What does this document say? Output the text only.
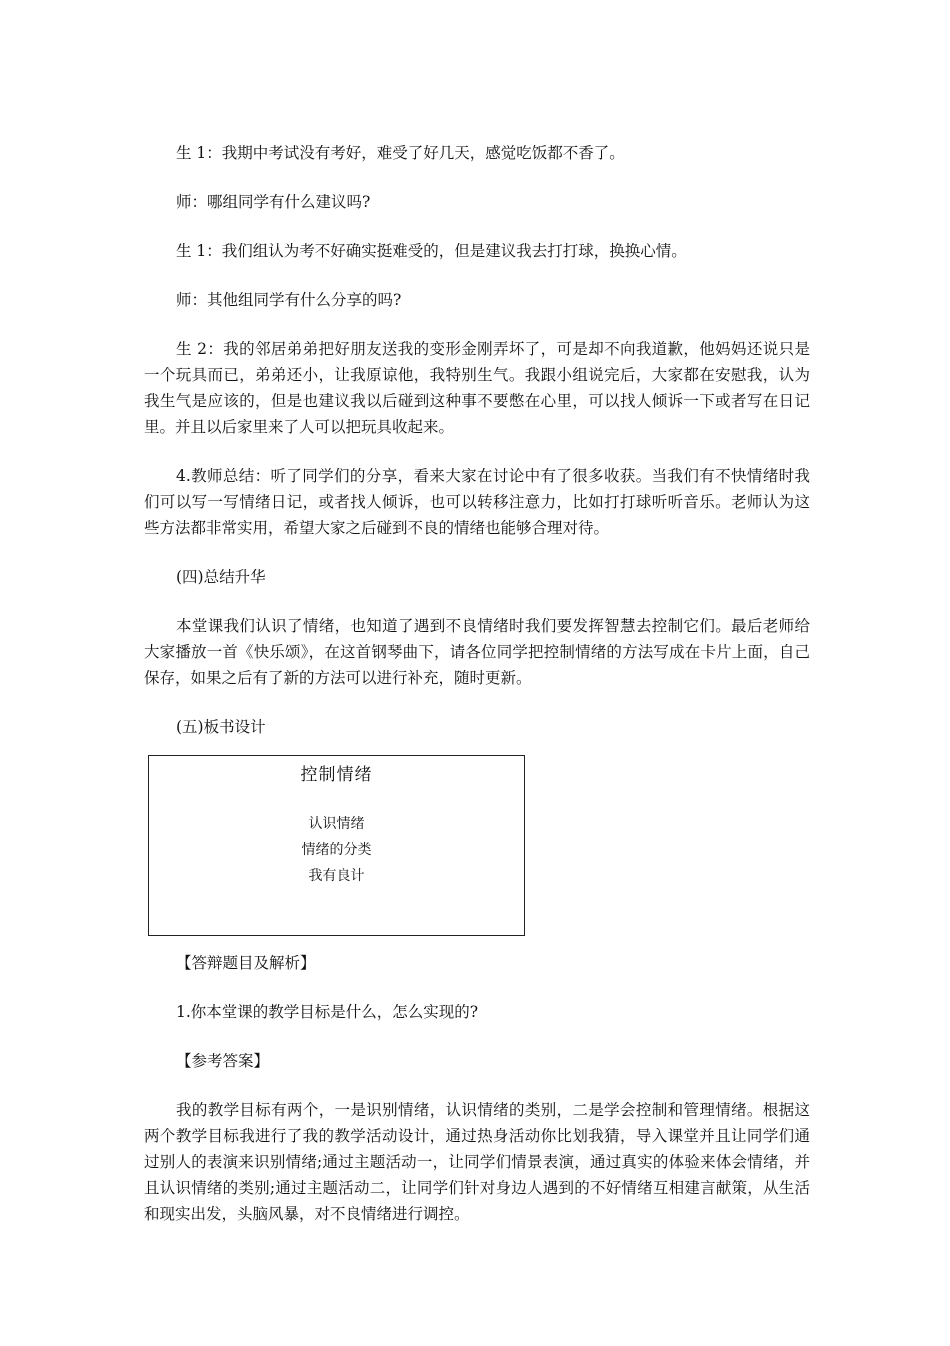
生 1：我期中考试没有考好，难受了好几天，感觉吃饭都不香了。

师：哪组同学有什么建议吗?

生 1：我们组认为考不好确实挺难受的，但是建议我去打打球，换换心情。

师：其他组同学有什么分享的吗?

生 2：我的邻居弟弟把好朋友送我的变形金刚弄坏了，可是却不向我道歉，他妈妈还说只是一个玩具而已，弟弟还小，让我原谅他，我特别生气。我跟小组说完后，大家都在安慰我，认为我生气是应该的，但是也建议我以后碰到这种事不要憋在心里，可以找人倾诉一下或者写在日记里。并且以后家里来了人可以把玩具收起来。

4.教师总结：听了同学们的分享，看来大家在讨论中有了很多收获。当我们有不快情绪时我们可以写一写情绪日记，或者找人倾诉，也可以转移注意力，比如打打球听听音乐。老师认为这些方法都非常实用，希望大家之后碰到不良的情绪也能够合理对待。

(四)总结升华

本堂课我们认识了情绪，也知道了遇到不良情绪时我们要发挥智慧去控制它们。最后老师给大家播放一首《快乐颂》，在这首钢琴曲下，请各位同学把控制情绪的方法写成在卡片上面，自己保存，如果之后有了新的方法可以进行补充，随时更新。

(五)板书设计

控制情绪
认识情绪
情绪的分类
我有良计

【答辩题目及解析】

1.你本堂课的教学目标是什么，怎么实现的?

【参考答案】

我的教学目标有两个，一是识别情绪，认识情绪的类别，二是学会控制和管理情绪。根据这两个教学目标我进行了我的教学活动设计，通过热身活动你比划我猜，导入课堂并且让同学们通过别人的表演来识别情绪;通过主题活动一，让同学们情景表演，通过真实的体验来体会情绪，并且认识情绪的类别;通过主题活动二，让同学们针对身边人遇到的不好情绪互相建言献策，从生活和现实出发，头脑风暴，对不良情绪进行调控。
